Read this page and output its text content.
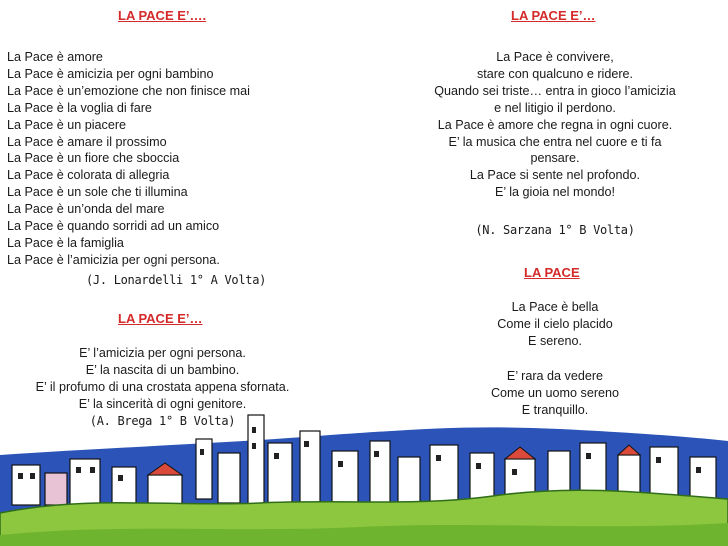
LA PACE E’….
La Pace è amore
La Pace è amicizia per ogni bambino
La Pace è un’emozione che non finisce mai
La Pace è la voglia di fare
La Pace è un piacere
La Pace è amare il prossimo
La Pace è un fiore che sboccia
La Pace è colorata di allegria
La Pace è un sole che ti illumina
La Pace è un’onda del mare
La Pace è quando sorridi ad un amico
La Pace è la famiglia
La Pace è l’amicizia per ogni persona.
(J. Lonardelli 1° A Volta)
LA PACE E’…
E’ l’amicizia per ogni persona.
E’ la nascita di un bambino.
E’ il profumo di una crostata appena sfornata.
E’ la sincerità di ogni genitore.
(A. Brega 1° B Volta)
LA PACE E’…
La Pace è convivere,
stare con qualcuno e ridere.
Quando sei triste… entra in gioco l’amicizia
e nel litigio il perdono.
La Pace è amore che regna in ogni cuore.
E’ la musica che entra nel cuore e ti fa
pensare.
La Pace si sente nel profondo.
E’ la gioia nel mondo!
(N. Sarzana 1° B Volta)
LA PACE
La Pace è bella
Come il cielo placido
E sereno.
E’ rara da vedere
Come un uomo sereno
E tranquillo.
